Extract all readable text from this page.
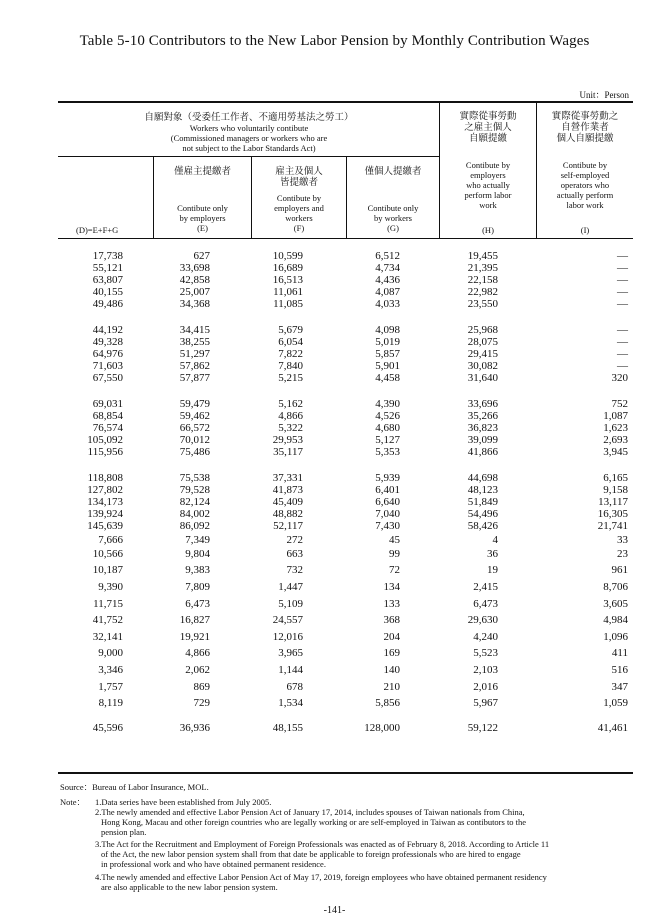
Table 5-10 Contributors to the New Labor Pension by Monthly Contribution Wages
Unit：Person
自願對象（受委任工作者、不適用勞基法之勞工）
Workers who voluntarily contibute
(Commissioned managers or workers who are
not subject to the Labor Standards Act)
(D)=E+F+G
僅雇主提繳者
Contibute only
by employers
(E)
雇主及個人
皆提繳者
Contibute by
employers and
workers
(F)
僅個人提繳者
Contibute only
by workers
(G)
實際從事勞動
之雇主個人
自願提繳
Contibute by
employers
who actually
perform labor
work
(H)
實際從事勞動之
自營作業者
個人自願提繳
Contibute by
self-employed
operators who
actually perform
labor work
(I)
17,738	627	10,599	6,512	19,455	—
55,121	33,698	16,689	4,734	21,395	—
63,807	42,858	16,513	4,436	22,158	—
40,155	25,007	11,061	4,087	22,982	—
49,486	34,368	11,085	4,033	23,550	—
44,192	34,415	5,679	4,098	25,968	—
49,328	38,255	6,054	5,019	28,075	—
64,976	51,297	7,822	5,857	29,415	—
71,603	57,862	7,840	5,901	30,082	—
67,550	57,877	5,215	4,458	31,640	320
69,031	59,479	5,162	4,390	33,696	752
68,854	59,462	4,866	4,526	35,266	1,087
76,574	66,572	5,322	4,680	36,823	1,623
105,092	70,012	29,953	5,127	39,099	2,693
115,956	75,486	35,117	5,353	41,866	3,945
118,808	75,538	37,331	5,939	44,698	6,165
127,802	79,528	41,873	6,401	48,123	9,158
134,173	82,124	45,409	6,640	51,849	13,117
139,924	84,002	48,882	7,040	54,496	16,305
145,639	86,092	52,117	7,430	58,426	21,741
7,666	7,349	272	45	4	33
10,566	9,804	663	99	36	23
10,187	9,383	732	72	19	961
9,390	7,809	1,447	134	2,415	8,706
11,715	6,473	5,109	133	6,473	3,605
41,752	16,827	24,557	368	29,630	4,984
32,141	19,921	12,016	204	4,240	1,096
9,000	4,866	3,965	169	5,523	411
3,346	2,062	1,144	140	2,103	516
1,757	869	678	210	2,016	347
8,119	729	1,534	5,856	5,967	1,059
45,596	36,936	48,155	128,000	59,122	41,461
Source：Bureau of Labor Insurance, MOL.
Note： 1.Data series have been established from July 2005.
2.The newly amended and effective Labor Pension Act of January 17, 2014, includes spouses of Taiwan nationals from China,
Hong Kong, Macau and other foreign countries who are legally working or are self-employed in Taiwan as contibutors to the
pension plan.
3.The Act for the Recruitment and Employment of Foreign Professionals was enacted as of February 8, 2018. According to Article 11
of the Act, the new labor pension system shall from that date be applicable to foreign professionals who are hired to engage
in professional work and who have obtained permanent residence.
4.The newly amended and effective Labor Pension Act of May 17, 2019, foreign employees who have obtained permanent residency
are also applicable to the new labor pension system.
-141-
